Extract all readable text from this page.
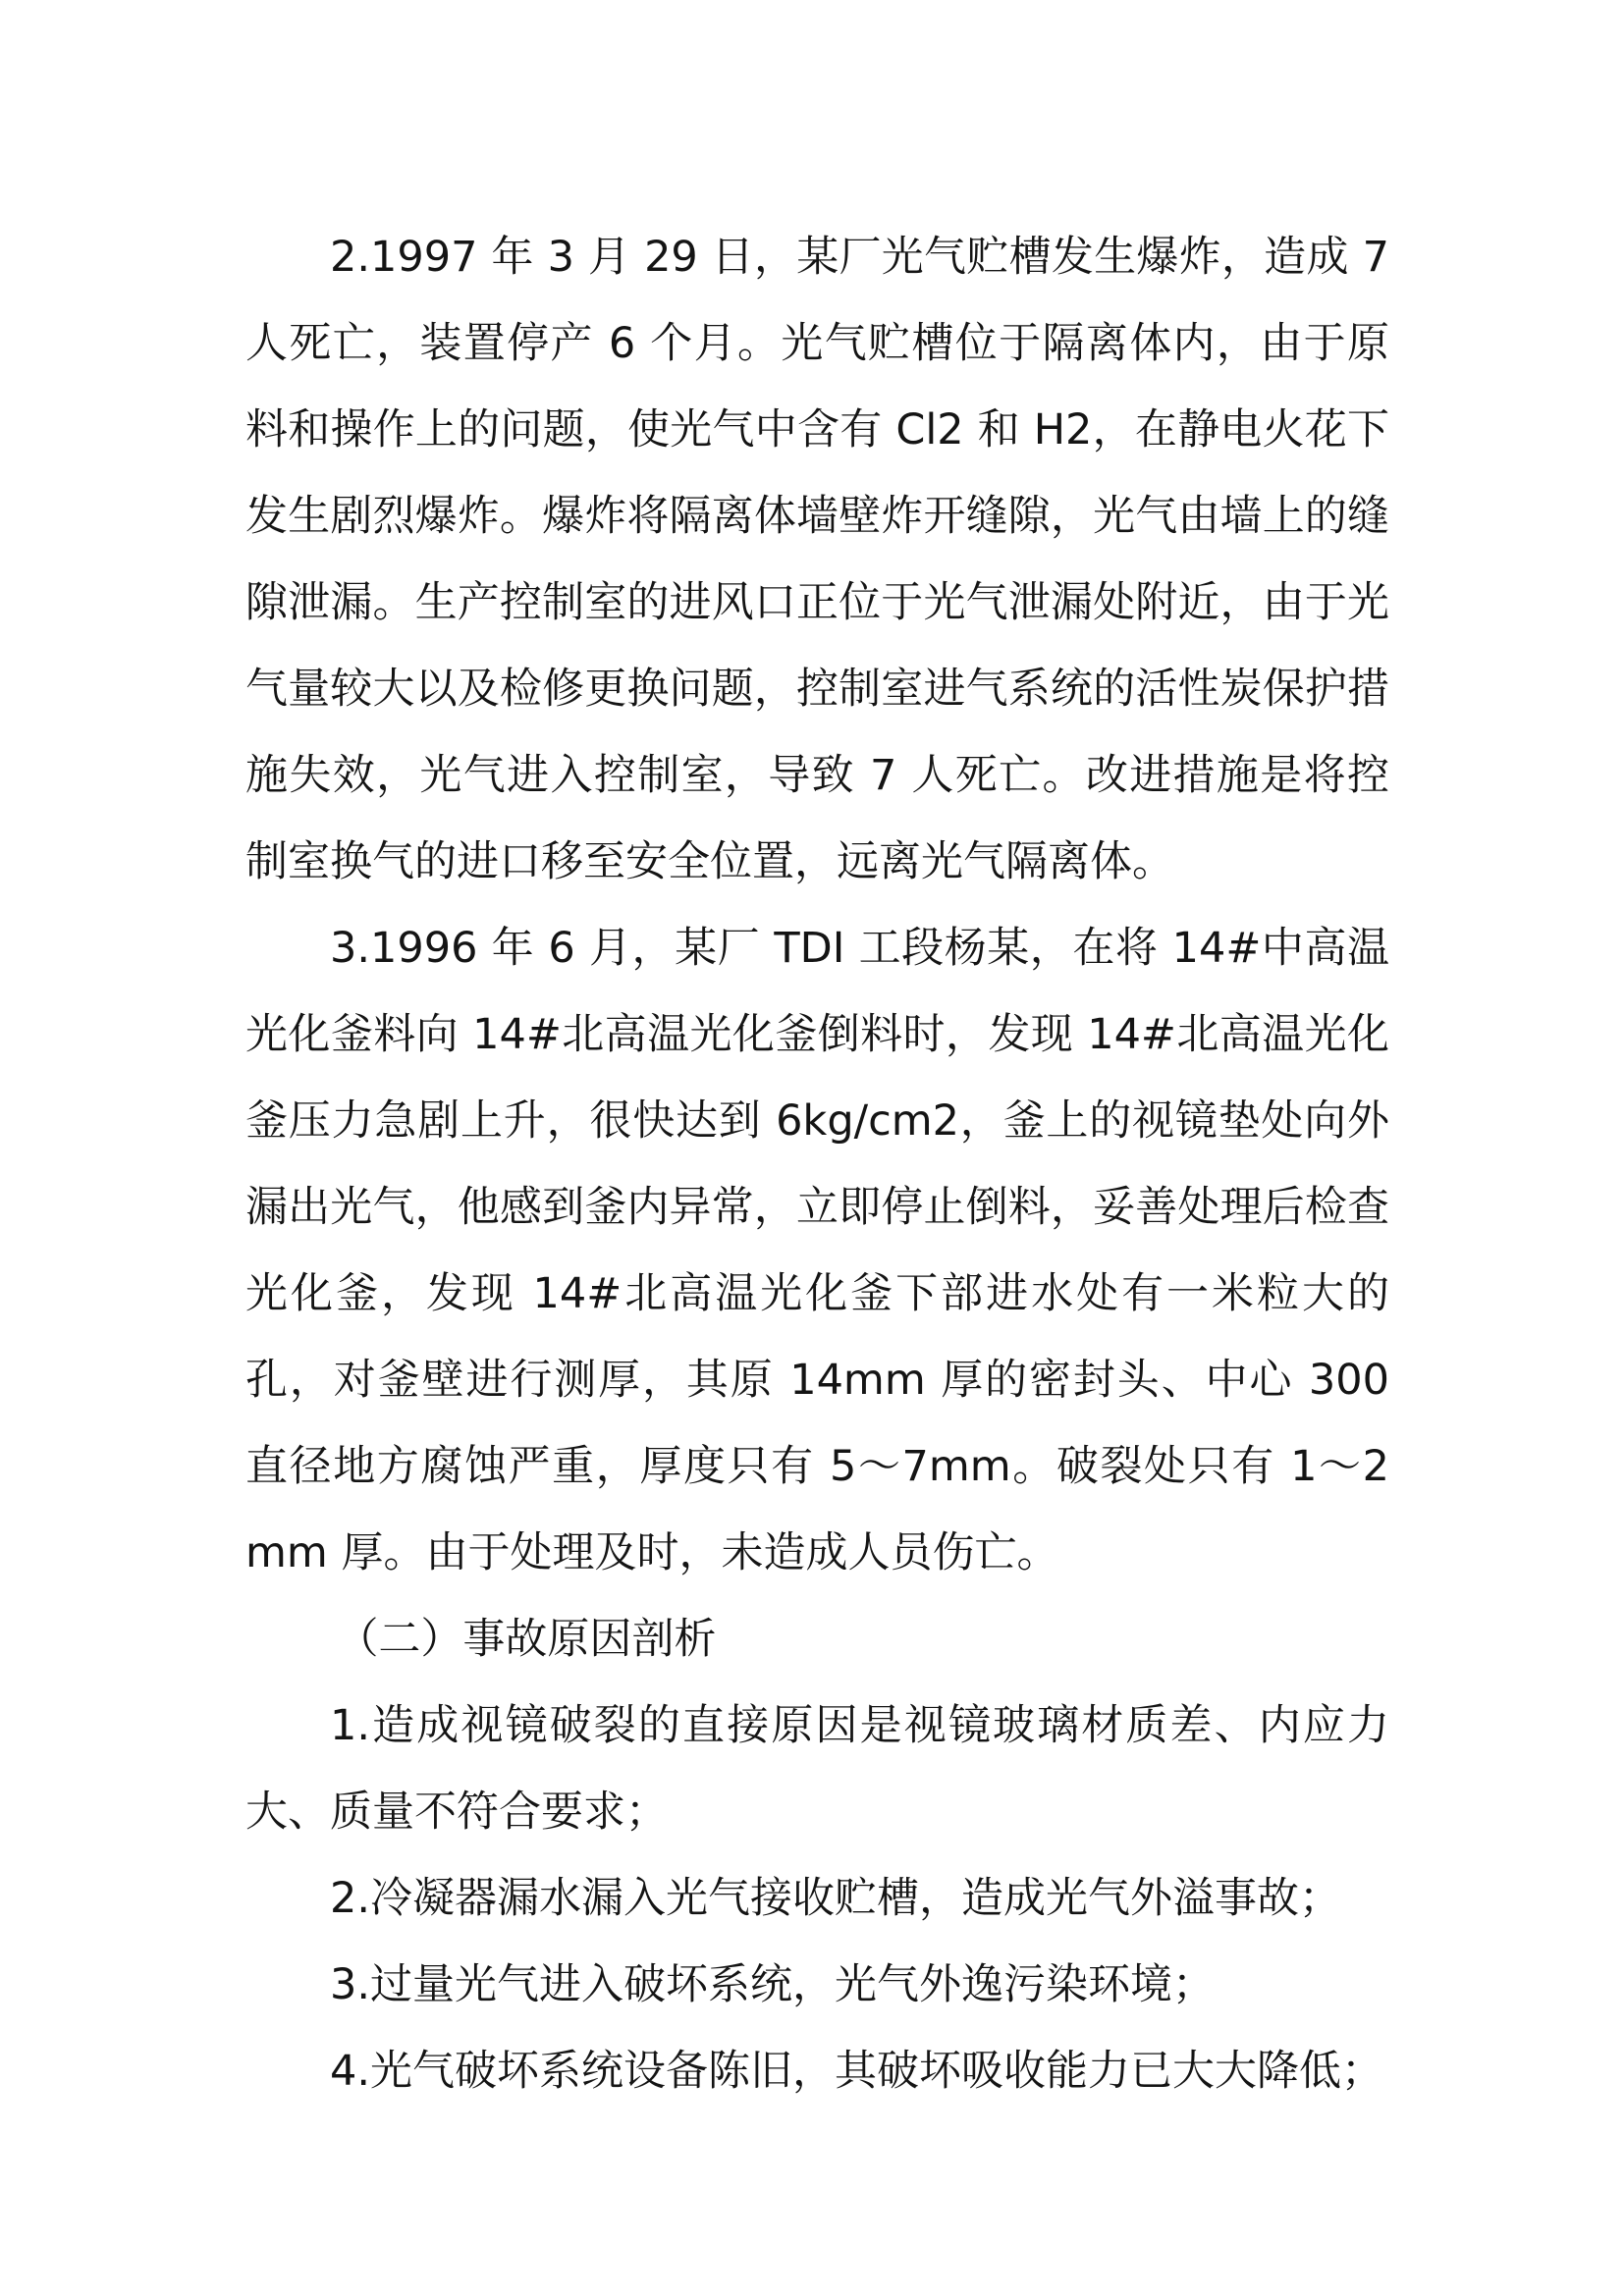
2.1997 年 3 月 29 日，某厂光气贮槽发生爆炸，造成 7 人死亡，装置停产 6 个月。光气贮槽位于隔离体内，由于原料和操作上的问题，使光气中含有 Cl2 和 H2，在静电火花下发生剧烈爆炸。爆炸将隔离体墙壁炸开缝隙，光气由墙上的缝隙泄漏。生产控制室的进风口正位于光气泄漏处附近，由于光气量较大以及检修更换问题，控制室进气系统的活性炭保护措施失效，光气进入控制室，导致 7 人死亡。改进措施是将控制室换气的进口移至安全位置，远离光气隔离体。

3.1996 年 6 月，某厂 TDI 工段杨某，在将 14#中高温光化釜料向 14#北高温光化釜倒料时，发现 14#北高温光化釜压力急剧上升，很快达到 6kg/cm2，釜上的视镜垫处向外漏出光气，他感到釜内异常，立即停止倒料，妥善处理后检查光化釜，发现 14#北高温光化釜下部进水处有一米粒大的孔，对釜壁进行测厚，其原 14mm 厚的密封头、中心 300 直径地方腐蚀严重，厚度只有 5～7mm。破裂处只有 1～2mm 厚。由于处理及时，未造成人员伤亡。

（二）事故原因剖析

1.造成视镜破裂的直接原因是视镜玻璃材质差、内应力大、质量不符合要求；

2.冷凝器漏水漏入光气接收贮槽，造成光气外溢事故；

3.过量光气进入破坏系统，光气外逸污染环境；

4.光气破坏系统设备陈旧，其破坏吸收能力已大大降低；
